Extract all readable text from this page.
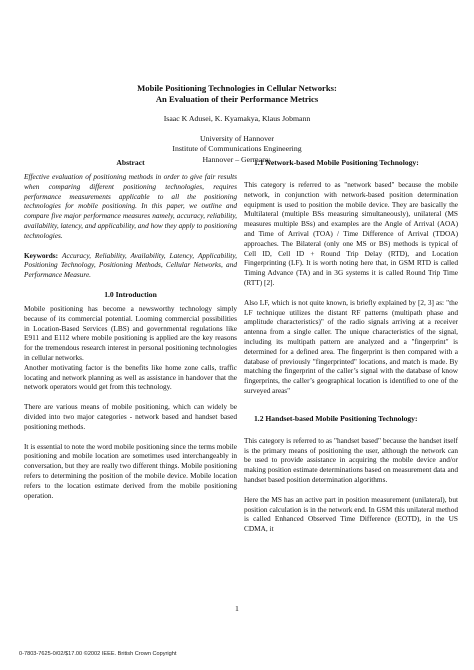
Mobile Positioning Technologies in Cellular Networks:
An Evaluation of their Performance Metrics

Isaac K Adusei, K. Kyamakya, Klaus Jobmann
University of Hannover
Institute of Communications Engineering
Hannover – Germany.
Abstract

Effective evaluation of positioning methods in order to give fair results when comparing different positioning technologies, requires performance measurements applicable to all the positioning technologies for mobile positioning. In this paper, we outline and compare five major performance measures namely, accuracy, reliability, availability, latency, and applicability, and how they apply to positioning technologies.

Keywords: Accuracy, Reliability, Availability, Latency, Applicability, Positioning Technology, Positioning Methods, Cellular Networks, and Performance Measure.

1.0 Introduction

Mobile positioning has become a newsworthy technology simply because of its commercial potential. Looming commercial possibilities in Location-Based Services (LBS) and governmental regulations like E911 and E112 where mobile positioning is applied are the key reasons for the tremendous research interest in personal positioning technologies in cellular networks.

Another motivating factor is the benefits like home zone calls, traffic locating and network planning as well as assistance in handover that the network operators would get from this technology.

There are various means of mobile positioning, which can widely be divided into two major categories - network based and handset based positioning methods.

It is essential to note the word mobile positioning since the terms mobile positioning and mobile location are sometimes used interchangeably in conversation, but they are really two different things. Mobile positioning refers to determining the position of the mobile device. Mobile location refers to the location estimate derived from the mobile positioning operation.

1.1 Network-based Mobile Positioning Technology:

This category is referred to as "network based" because the mobile network, in conjunction with network-based position determination equipment is used to position the mobile device. They are basically the Multilateral (multiple BSs measuring simultaneously), unilateral (MS measures multiple BSs) and examples are the Angle of Arrival (AOA) and Time of Arrival (TOA) / Time Difference of Arrival (TDOA) approaches. The Bilateral (only one MS or BS) methods is typical of Cell ID, Cell ID + Round Trip Delay (RTD), and Location Fingerprinting (LF). It is worth noting here that, in GSM RTD is called Timing Advance (TA) and in 3G systems it is called Round Trip Time (RTT) [2].

Also LF, which is not quite known, is briefly explained by [2, 3] as: "the LF technique utilizes the distant RF patterns (multipath phase and amplitude characteristics)" of the radio signals arriving at a receiver antenna from a single caller. The unique characteristics of the signal, including its multipath pattern are analyzed and a "fingerprint" is determined for a defined area. The fingerprint is then compared with a database of previously "fingerprinted" locations, and match is made. By matching the fingerprint of the caller’s signal with the database of know fingerprints, the caller’s geographical location is identified to one of the surveyed areas"

1.2 Handset-based Mobile Positioning Technology:

This category is referred to as "handset based" because the handset itself is the primary means of positioning the user, although the network can be used to provide assistance in acquiring the mobile device and/or making position estimate determinations based on measurement data and handset based position determination algorithms.

Here the MS has an active part in position measurement (unilateral), but position calculation is in the network end. In GSM this unilateral method is called Enhanced Observed Time Difference (EOTD), in the US CDMA, it

1
0-7803-7625-0/02/$17.00 ©2002 IEEE. British Crown Copyright
